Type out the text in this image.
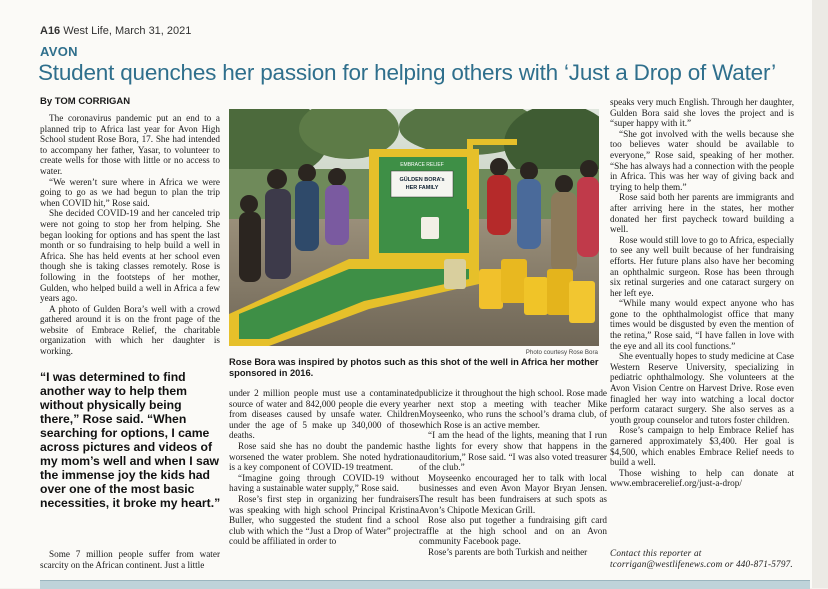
A16 West Life, March 31, 2021
AVON
Student quenches her passion for helping others with ‘Just a Drop of Water’
By TOM CORRIGAN

The coronavirus pandemic put an end to a planned trip to Africa last year for Avon High School student Rose Bora, 17. She had intended to accompany her father, Yasar, to volunteer to create wells for those with little or no access to water.

“We weren’t sure where in Africa we were going to go as we had begun to plan the trip when COVID hit,” Rose said.

She decided COVID-19 and her canceled trip were not going to stop her from helping. She began looking for options and has spent the last month or so fundraising to help build a well in Africa. She has held events at her school even though she is taking classes remotely. Rose is following in the footsteps of her mother, Gulden, who helped build a well in Africa a few years ago.

A photo of Gulden Bora’s well with a crowd gathered around it is on the front page of the website of Embrace Relief, the charitable organization with which her daughter is working.

“I was determined to find another way to help them without physically being there,” Rose said. “When searching for options, I came across pictures and videos of my mom’s well and when I saw the immense joy the kids had over one of the most basic necessities, it broke my heart.”

Some 7 million people suffer from water scarcity on the African continent. Just a little

EMBRACE RELIEF
GÜLDEN BORA’s
HER FAMILY
Photo courtesy Rose Bora
Rose Bora was inspired by photos such as this shot of the well in Africa her mother sponsored in 2016.

under 2 million people must use a contaminated source of water and 842,000 people die every year from diseases caused by unsafe water. Children under the age of 5 make up 340,000 of those deaths.

Rose said she has no doubt the pandemic has worsened the water problem. She noted hydration is a key component of COVID-19 treatment.

“Imagine going through COVID-19 without having a sustainable water supply,” Rose said.

Rose’s first step in organizing her fundraisers was speaking with high school Principal Kristina Buller, who suggested the student find a school club with which the “Just a Drop of Water” project could be affiliated in order to

publicize it throughout the high school. Rose made her next stop a meeting with teacher Mike Moyseenko, who runs the school’s drama club, of which Rose is an active member.

“I am the head of the lights, meaning that I run the lights for every show that happens in the auditorium,” Rose said. “I was also voted treasurer of the club.”

Moyseenko encouraged her to talk with local businesses and even Avon Mayor Bryan Jensen. The result has been fundraisers at such spots as Avon’s Chipotle Mexican Grill.

Rose also put together a fundraising gift card raffle at the high school and on an Avon community Facebook page.

Rose’s parents are both Turkish and neither

speaks very much English. Through her daughter, Gulden Bora said she loves the project and is “super happy with it.”

“She got involved with the wells because she too believes water should be available to everyone,” Rose said, speaking of her mother. “She has always had a connection with the people in Africa. This was her way of giving back and trying to help them.”

Rose said both her parents are immigrants and after arriving here in the states, her mother donated her first paycheck toward building a well.

Rose would still love to go to Africa, especially to see any well built because of her fundraising efforts. Her future plans also have her becoming an ophthalmic surgeon. Rose has been through six retinal surgeries and one cataract surgery on her left eye.

“While many would expect anyone who has gone to the ophthalmologist office that many times would be disgusted by even the mention of the retina,” Rose said, “I have fallen in love with the eye and all its cool functions.”

She eventually hopes to study medicine at Case Western Reserve University, specializing in pediatric ophthalmology. She volunteers at the Avon Vision Centre on Harvest Drive. Rose even finagled her way into watching a local doctor perform cataract surgery. She also serves as a youth group counselor and tutors foster children.

Rose’s campaign to help Embrace Relief has garnered approximately $3,400. Her goal is $4,500, which enables Embrace Relief needs to build a well.

Those wishing to help can donate at www.embracerelief.org/just-a-drop/

Contact this reporter at tcorrigan@westlifenews.com or 440-871-5797.
